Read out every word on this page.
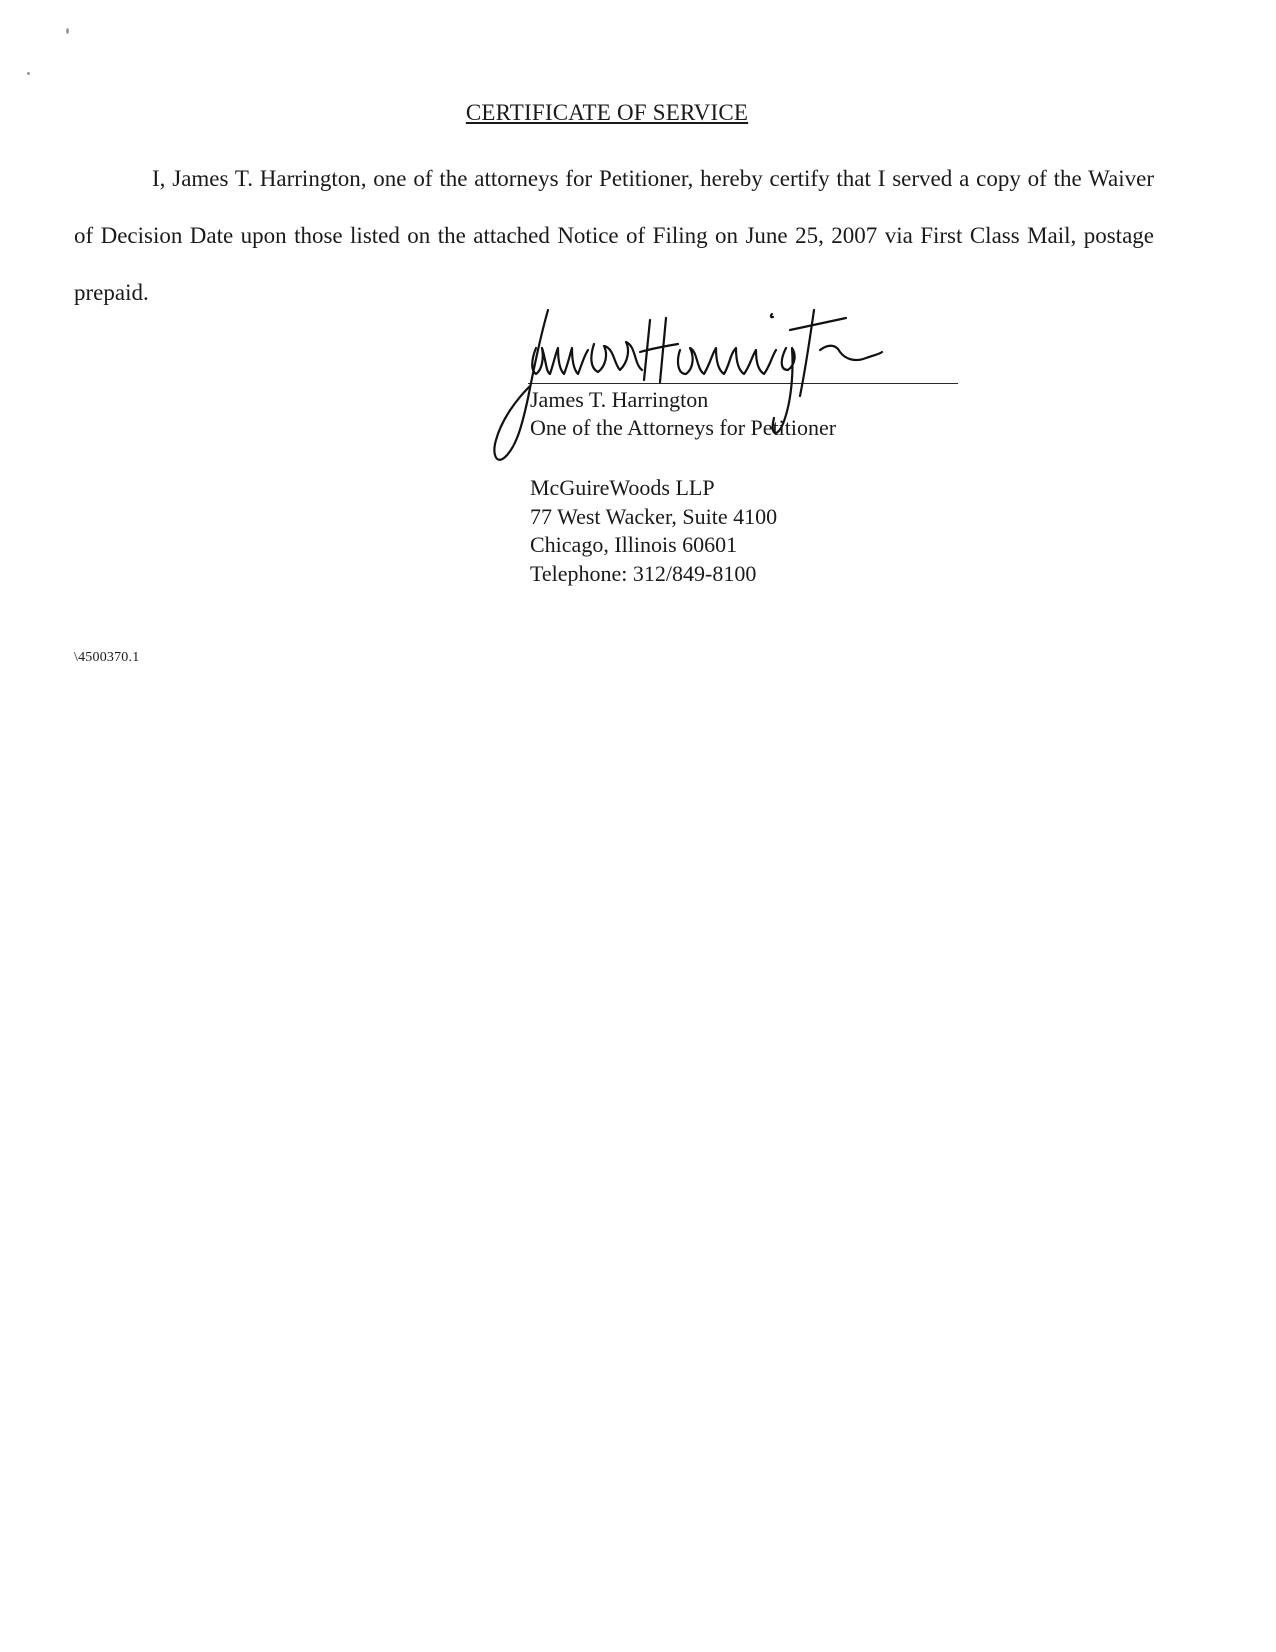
CERTIFICATE OF SERVICE
I, James T. Harrington, one of the attorneys for Petitioner, hereby certify that I served a copy of the Waiver of Decision Date upon those listed on the attached Notice of Filing on June 25, 2007 via First Class Mail, postage prepaid.
James T. Harrington
One of the Attorneys for Petitioner
McGuireWoods LLP
77 West Wacker, Suite 4100
Chicago, Illinois 60601
Telephone: 312/849-8100
\4500370.1
